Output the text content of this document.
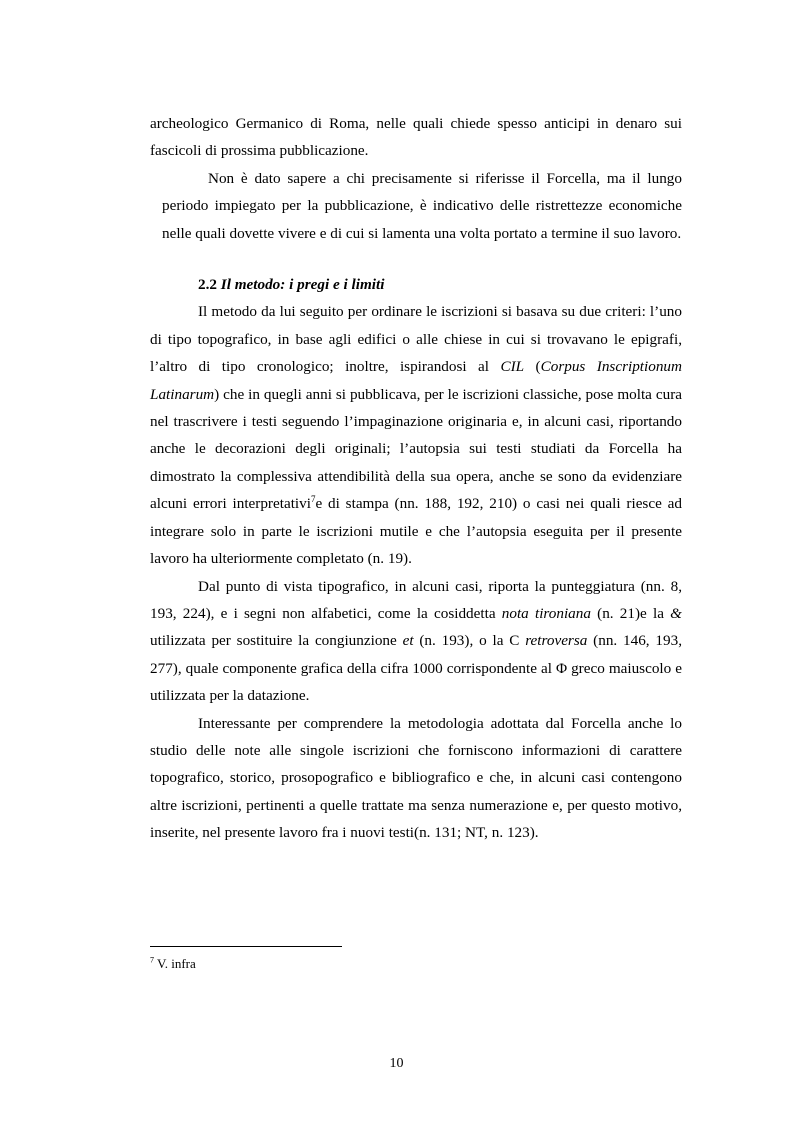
archeologico Germanico di Roma, nelle quali chiede spesso anticipi in denaro sui fascicoli di prossima pubblicazione.

Non è dato sapere a chi precisamente si riferisse il Forcella, ma il lungo periodo impiegato per la pubblicazione, è indicativo delle ristrettezze economiche nelle quali dovette vivere e di cui si lamenta una volta portato a termine il suo lavoro.

2.2 Il metodo: i pregi e i limiti

Il metodo da lui seguito per ordinare le iscrizioni si basava su due criteri: l’uno di tipo topografico, in base agli edifici o alle chiese in cui si trovavano le epigrafi, l’altro di tipo cronologico; inoltre, ispirandosi al CIL (Corpus Inscriptionum Latinarum) che in quegli anni si pubblicava, per le iscrizioni classiche, pose molta cura nel trascrivere i testi seguendo l’impaginazione originaria e, in alcuni casi, riportando anche le decorazioni degli originali; l’autopsia sui testi studiati da Forcella ha dimostrato la complessiva attendibilità della sua opera, anche se sono da evidenziare alcuni errori interpretativi$^7$e di stampa (nn. 188, 192, 210) o casi nei quali riesce ad integrare solo in parte le iscrizioni mutile e che l’autopsia eseguita per il presente lavoro ha ulteriormente completato (n. 19).

Dal punto di vista tipografico, in alcuni casi, riporta la punteggiatura (nn. 8, 193, 224), e i segni non alfabetici, come la cosiddetta nota tironiana (n. 21)e la & utilizzata per sostituire la congiunzione et (n. 193), o la C retroversa (nn. 146, 193, 277), quale componente grafica della cifra 1000 corrispondente al Φ greco maiuscolo e utilizzata per la datazione.

Interessante per comprendere la metodologia adottata dal Forcella anche lo studio delle note alle singole iscrizioni che forniscono informazioni di carattere topografico, storico, prosopografico e bibliografico e che, in alcuni casi contengono altre iscrizioni, pertinenti a quelle trattate ma senza numerazione e, per questo motivo, inserite, nel presente lavoro fra i nuovi testi(n. 131; NT, n. 123).

$^7$ V. infra
10
